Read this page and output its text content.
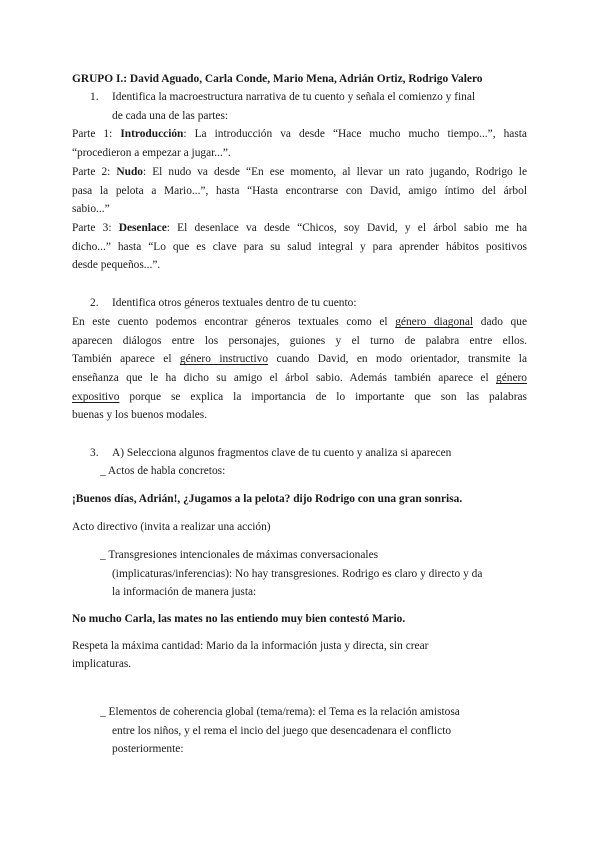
GRUPO I.: David Aguado, Carla Conde, Mario Mena, Adrián Ortiz, Rodrigo Valero
1. Identifica la macroestructura narrativa de tu cuento y señala el comienzo y final
de cada una de las partes:
Parte 1: Introducción: La introducción va desde “Hace mucho mucho tiempo...”, hasta
“procedieron a empezar a jugar...”.
Parte 2: Nudo: El nudo va desde “En ese momento, al llevar un rato jugando, Rodrigo le
pasa la pelota a Mario...”, hasta “Hasta encontrarse con David, amigo íntimo del árbol
sabio...”
Parte 3: Desenlace: El desenlace va desde “Chicos, soy David, y el árbol sabio me ha
dicho...” hasta “Lo que es clave para su salud integral y para aprender hábitos positivos
desde pequeños...”.
2. Identifica otros géneros textuales dentro de tu cuento:
En este cuento podemos encontrar géneros textuales como el género diagonal dado que
aparecen diálogos entre los personajes, guiones y el turno de palabra entre ellos.
También aparece el género instructivo cuando David, en modo orientador, transmite la
enseñanza que le ha dicho su amigo el árbol sabio. Además también aparece el género
expositivo porque se explica la importancia de lo importante que son las palabras
buenas y los buenos modales.
3. A) Selecciona algunos fragmentos clave de tu cuento y analiza si aparecen
_ Actos de habla concretos:
¡Buenos días, Adrián!, ¿Jugamos a la pelota? dijo Rodrigo con una gran sonrisa.
Acto directivo (invita a realizar una acción)
_ Transgresiones intencionales de máximas conversacionales
(implicaturas/inferencias): No hay transgresiones. Rodrigo es claro y directo y da
la información de manera justa:
No mucho Carla, las mates no las entiendo muy bien contestó Mario.
Respeta la máxima cantidad: Mario da la información justa y directa, sin crear
implicaturas.
_ Elementos de coherencia global (tema/rema): el Tema es la relación amistosa
entre los niños, y el rema el incio del juego que desencadenara el conflicto
posteriormente:
